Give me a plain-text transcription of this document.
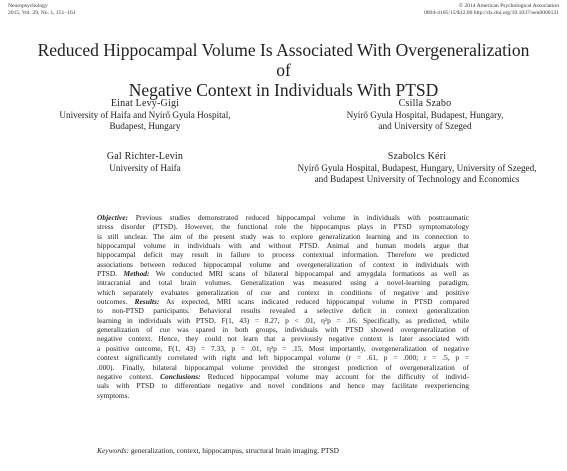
Neuropsychology
2015, Vol. 29, No. 1, 151–161
© 2014 American Psychological Association
0894-4105/15/$12.00 http://dx.doi.org/10.1037/neu0000131
Reduced Hippocampal Volume Is Associated With Overgeneralization of
Negative Context in Individuals With PTSD
Einat Levy-Gigi
University of Haifa and Nyírő Gyula Hospital,
Budapest, Hungary
Csilla Szabo
Nyírő Gyula Hospital, Budapest, Hungary,
and University of Szeged
Gal Richter-Levin
University of Haifa
Szabolcs Kéri
Nyírő Gyula Hospital, Budapest, Hungary, University of Szeged,
and Budapest University of Technology and Economics
Objective: Previous studies demonstrated reduced hippocampal volume in individuals with posttraumatic
stress disorder (PTSD). However, the functional role the hippocampus plays in PTSD symptomatology
is still unclear. The aim of the present study was to explore generalization learning and its connection to
hippocampal volume in individuals with and without PTSD. Animal and human models argue that
hippocampal deficit may result in failure to process contextual information. Therefore we predicted
associations between reduced hippocampal volume and overgeneralization of context in individuals with
PTSD. Method: We conducted MRI scans of bilateral hippocampal and amygdala formations as well as
intracranial and total brain volumes. Generalization was measured using a novel-learning paradigm,
which separately evaluates generalization of cue and context in conditions of negative and positive
outcomes. Results: As expected, MRI scans indicated reduced hippocampal volume in PTSD compared
to non-PTSD participants. Behavioral results revealed a selective deficit in context generalization
learning in individuals with PTSD, F(1, 43) = 8.27, p < .01, η²p = .16. Specifically, as predicted, while
generalization of cue was spared in both groups, individuals with PTSD showed overgeneralization of
negative context. Hence, they could not learn that a previously negative context is later associated with
a positive outcome, F(1, 43) = 7.33, p = .01, η²p = .15. Most importantly, overgeneralization of negative
context significantly correlated with right and left hippocampal volume (r = .61, p = .000; r = .5, p =
.000). Finally, bilateral hippocampal volume provided the strongest prediction of overgeneralization of
negative context. Conclusions: Reduced hippocampal volume may account for the difficulty of individ-
uals with PTSD to differentiate negative and novel conditions and hence may facilitate reexperiencing
symptoms.
Keywords: generalization, context, hippocampus, structural brain imaging, PTSD
